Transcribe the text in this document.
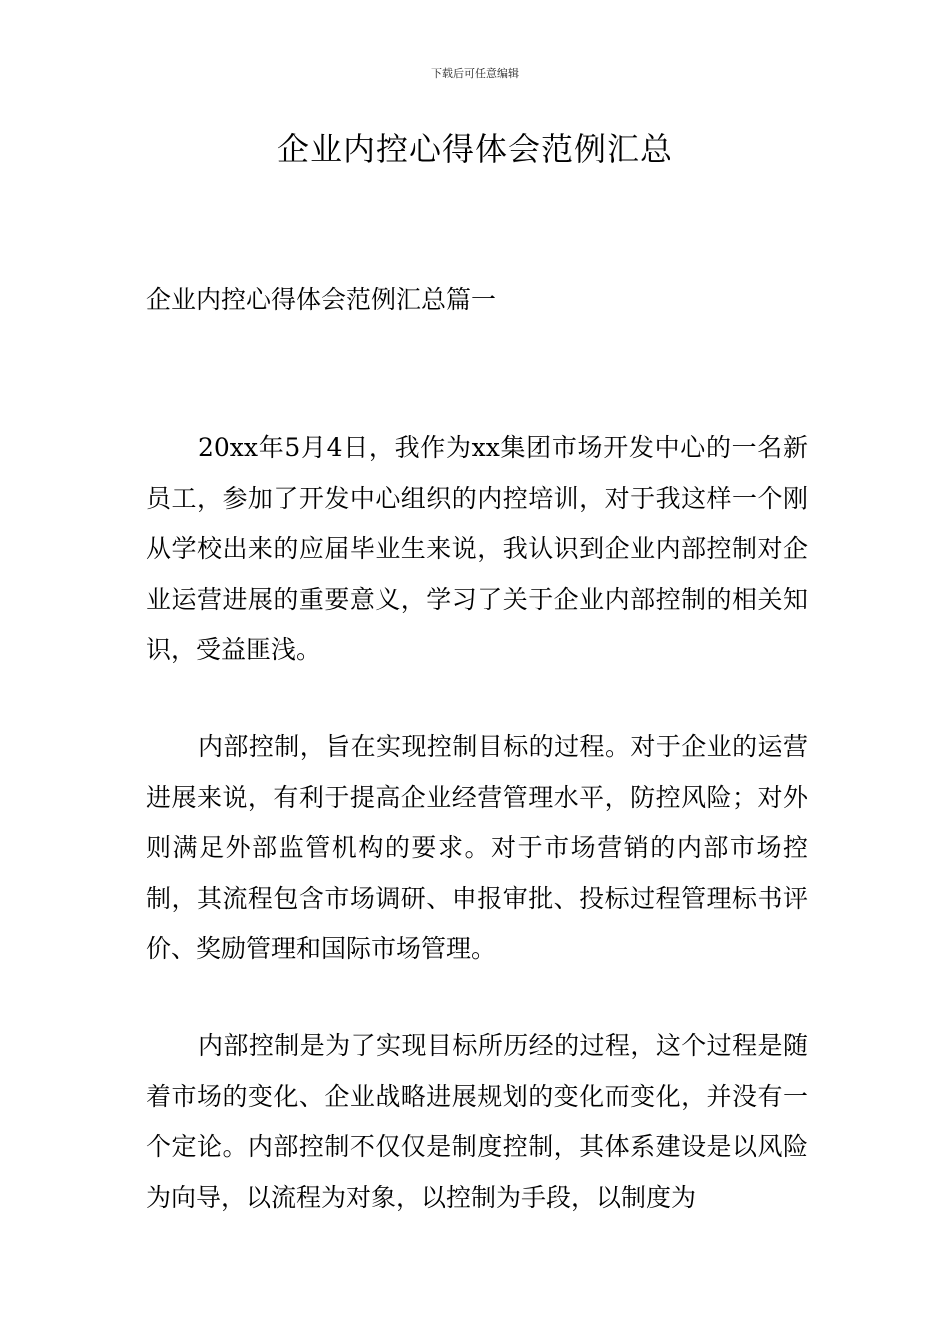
下载后可任意编辑
企业内控心得体会范例汇总
企业内控心得体会范例汇总篇一

20xx年5月4日，我作为xx集团市场开发中心的一名新员工，参加了开发中心组织的内控培训，对于我这样一个刚从学校出来的应届毕业生来说，我认识到企业内部控制对企业运营进展的重要意义，学习了关于企业内部控制的相关知识，受益匪浅。

内部控制，旨在实现控制目标的过程。对于企业的运营进展来说，有利于提高企业经营管理水平，防控风险；对外则满足外部监管机构的要求。对于市场营销的内部市场控制，其流程包含市场调研、申报审批、投标过程管理标书评价、奖励管理和国际市场管理。

内部控制是为了实现目标所历经的过程，这个过程是随着市场的变化、企业战略进展规划的变化而变化，并没有一个定论。内部控制不仅仅是制度控制，其体系建设是以风险为向导，以流程为对象，以控制为手段，以制度为
